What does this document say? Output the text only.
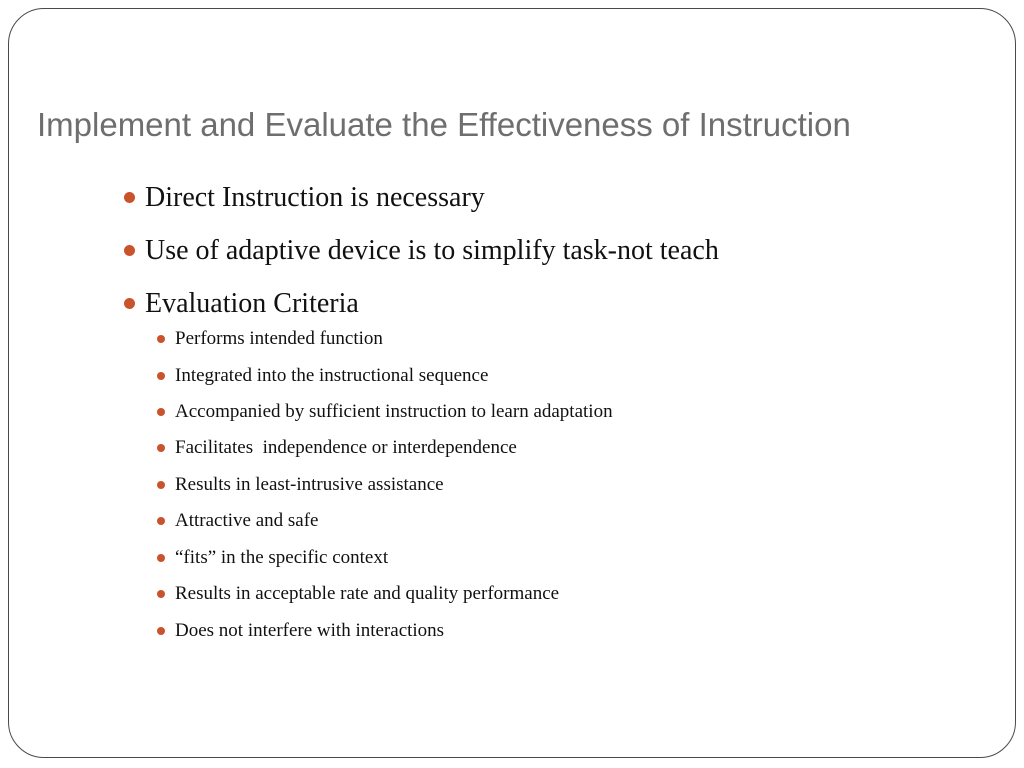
Implement and Evaluate the Effectiveness of Instruction
Direct Instruction is necessary
Use of adaptive device is to simplify task-not teach
Evaluation Criteria
Performs intended function
Integrated into the instructional sequence
Accompanied by sufficient instruction to learn adaptation
Facilitates  independence or interdependence
Results in least-intrusive assistance
Attractive and safe
“fits” in the specific context
Results in acceptable rate and quality performance
Does not interfere with interactions
